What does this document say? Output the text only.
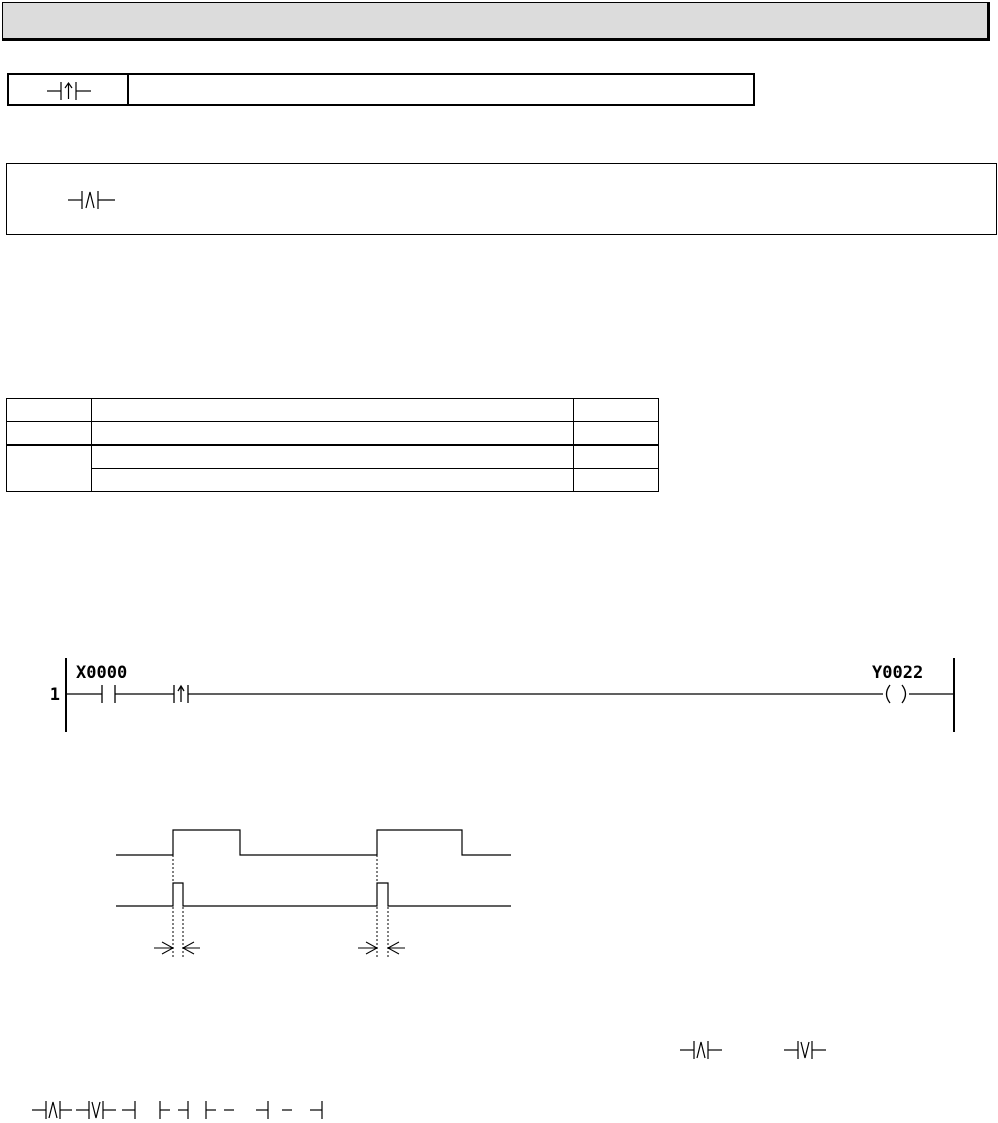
1
X0000	Y0022
